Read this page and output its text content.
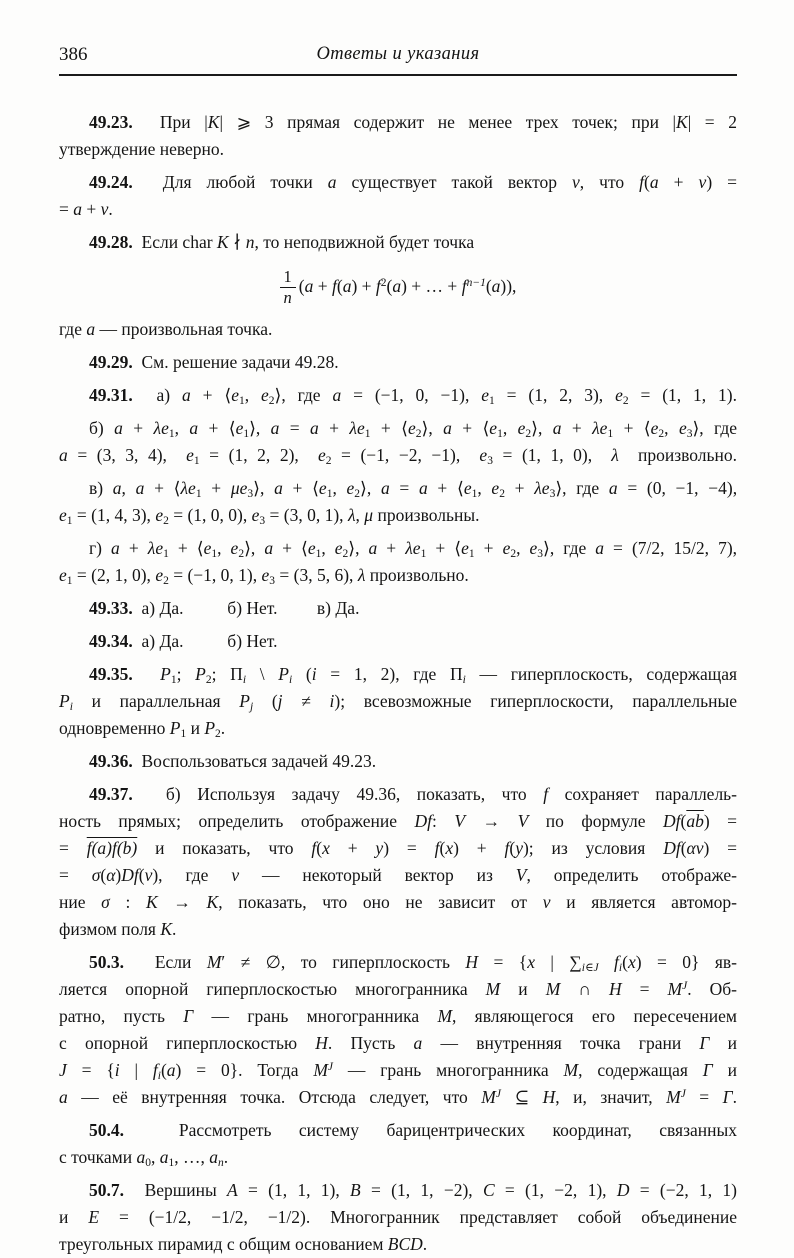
386	Ответы и указания
49.23.  При |K| ⩾ 3 прямая содержит не менее трех точек; при |K| = 2
утверждение неверно.
49.24.  Для любой точки a существует такой вектор v, что f(a + v) =
= a + v.
49.28.  Если char K ∤ n, то неподвижной будет точка
$\frac{1}{n} (a + f(a) + f^2(a)$ + … + $f^{n-1}(a)$),
где a — произвольная точка.
49.29.  См. решение задачи 49.28.
49.31.  а) $a + ⟨e_1$, $e_2⟩$, где a = (−1, 0, −1), $e_1 = (1$, 2, 3), $e_2 = (1$, 1, 1).
б) $a + \lambda e_1$, $a + ⟨e_1⟩$, $a = a + \lambda e_1$ + $⟨e_2⟩$, $a + ⟨e_1$, $e_2⟩$, $a + \lambda e_1$ + $⟨e_2$, $e_3⟩$, где
a = (3, 3, 4),  $e_1 = (1$, 2, 2),  $e_2 = (-1$, −2, −1),  $e_3 = (1$, 1, 0),  λ  произвольно.
в) a, $a + ⟨\lambda e_1$ + $\mu e_3⟩$, $a + ⟨e_1$, $e_2⟩$, $a = a + ⟨e_1$, $e_2$ + $\lambda e_3⟩$, где a = (0, −1, −4),
$e_1 = (1$, 4, 3), $e_2 = (1$, 0, 0), $e_3 = (3$, 0, 1), λ, μ произвольны.
г) $a + \lambda e_1$ + $⟨e_1$, $e_2⟩$, $a + ⟨e_1$, $e_2⟩$, $a + \lambda e_1$ + $⟨e_1 + e_2$, $e_3⟩$, где a = (7/2, 15/2, 7),
$e_1 = (2$, 1, 0), $e_2 = (-1$, 0, 1), $e_3 = (3$, 5, 6), λ произвольно.
49.33.  а) Да.          б) Нет.         в) Да.
49.34.  а) Да.          б) Нет.
49.35. $P_1$; $P_2$; $\Pi_i$ \ $P_i$ (i = 1, 2), где $\Pi_i$ — гиперплоскость, содержащая
$P_i$ и параллельная $P_j$ (j ≠ i); всевозможные гиперплоскости, параллельные
одновременно $P_1$ и $P_2$.
49.36.  Воспользоваться задачей 49.23.
49.37.  б) Используя задачу 49.36, показать, что f сохраняет параллель-
ность прямых; определить отображение Df: V → V по формуле $Df(\overline{ab})$ =
= f(a)f(b) и показать, что f(x + y) = f(x) + f(y); из условия Df(αv) =
= σ(α)Df(v), где v — некоторый вектор из V, определить отображе-
ние σ : K → K, показать, что оно не зависит от v и является автомор-
физмом поля K.
50.3.  Если M′ ≠ ∅, то гиперплоскость H = {x | $\sum_{i\in J}$ $f_i(x) = 0$} яв-
ляется опорной гиперплоскостью многогранника M и M ∩ $H = M^J$. Об-
ратно, пусть Γ — грань многогранника M, являющегося его пересечением
с опорной гиперплоскостью H. Пусть a — внутренняя точка грани Γ и
J = {i | $f_i(a) = 0$}. Тогда $M^J$ — грань многогранника M, содержащая Γ и
a — её внутренняя точка. Отсюда следует, что $M^J$ ⊆ H, и, значит, $M^J = \Gamma$.
50.4.  Рассмотреть систему барицентрических координат, связанных
с точками $a_0$, $a_1$, …, $a_n$.
50.7.  Вершины A = (1, 1, 1), B = (1, 1, −2), C = (1, −2, 1), D = (−2, 1, 1)
и E = (−1/2, −1/2, −1/2). Многогранник представляет собой объединение
треугольных пирамид с общим основанием BCD.
